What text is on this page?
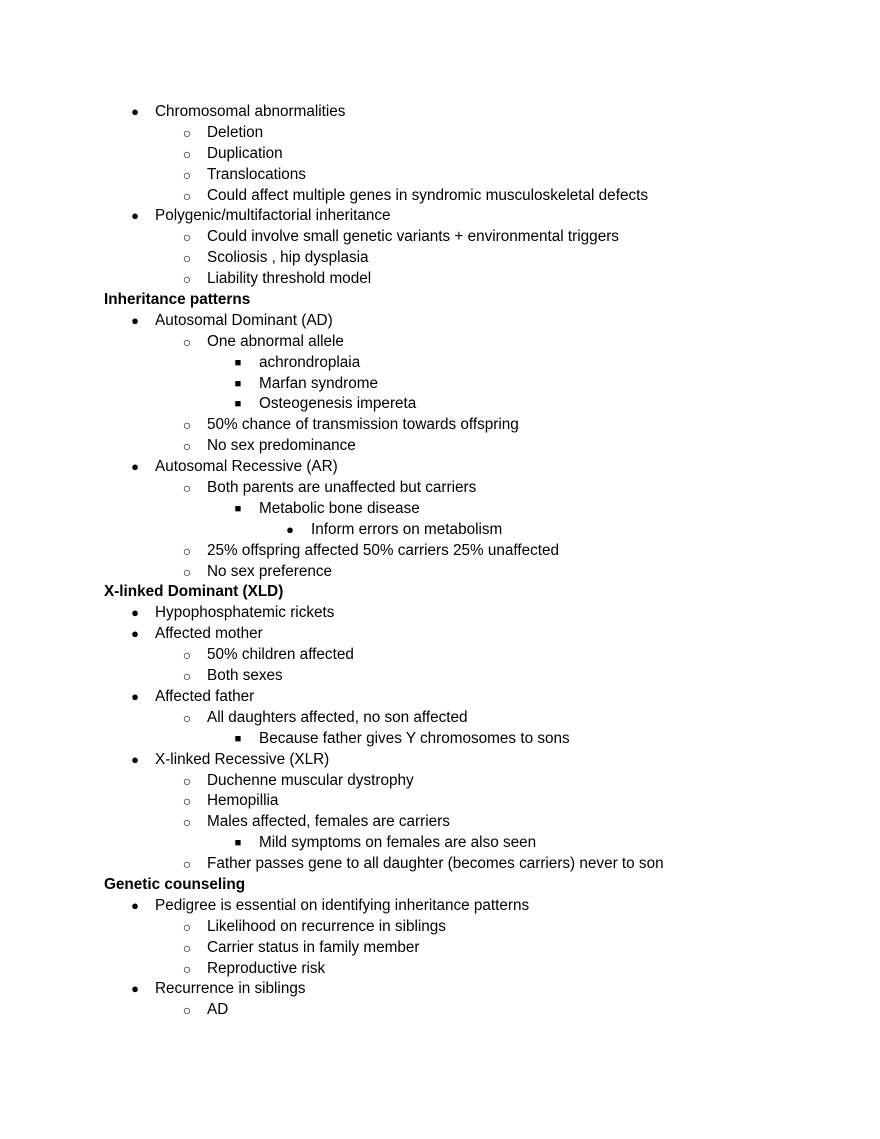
● Chromosomal abnormalities
○ Deletion
○ Duplication
○ Translocations
○ Could affect multiple genes in syndromic musculoskeletal defects
● Polygenic/multifactorial inheritance
○ Could involve small genetic variants + environmental triggers
○ Scoliosis , hip dysplasia
○ Liability threshold model
Inheritance patterns
● Autosomal Dominant (AD)
○ One abnormal allele
■ achrondroplaia
■ Marfan syndrome
■ Osteogenesis impereta
○ 50% chance of transmission towards offspring
○ No sex predominance
● Autosomal Recessive (AR)
○ Both parents are unaffected but carriers
■ Metabolic bone disease
● Inform errors on metabolism
○ 25% offspring affected 50% carriers 25% unaffected
○ No sex preference
X-linked Dominant (XLD)
● Hypophosphatemic rickets
● Affected mother
○ 50% children affected
○ Both sexes
● Affected father
○ All daughters affected, no son affected
■ Because father gives Y chromosomes to sons
● X-linked Recessive (XLR)
○ Duchenne muscular dystrophy
○ Hemopillia
○ Males affected, females are carriers
■ Mild symptoms on females are also seen
○ Father passes gene to all daughter (becomes carriers) never to son
Genetic counseling
● Pedigree is essential on identifying inheritance patterns
○ Likelihood on recurrence in siblings
○ Carrier status in family member
○ Reproductive risk
● Recurrence in siblings
○ AD
